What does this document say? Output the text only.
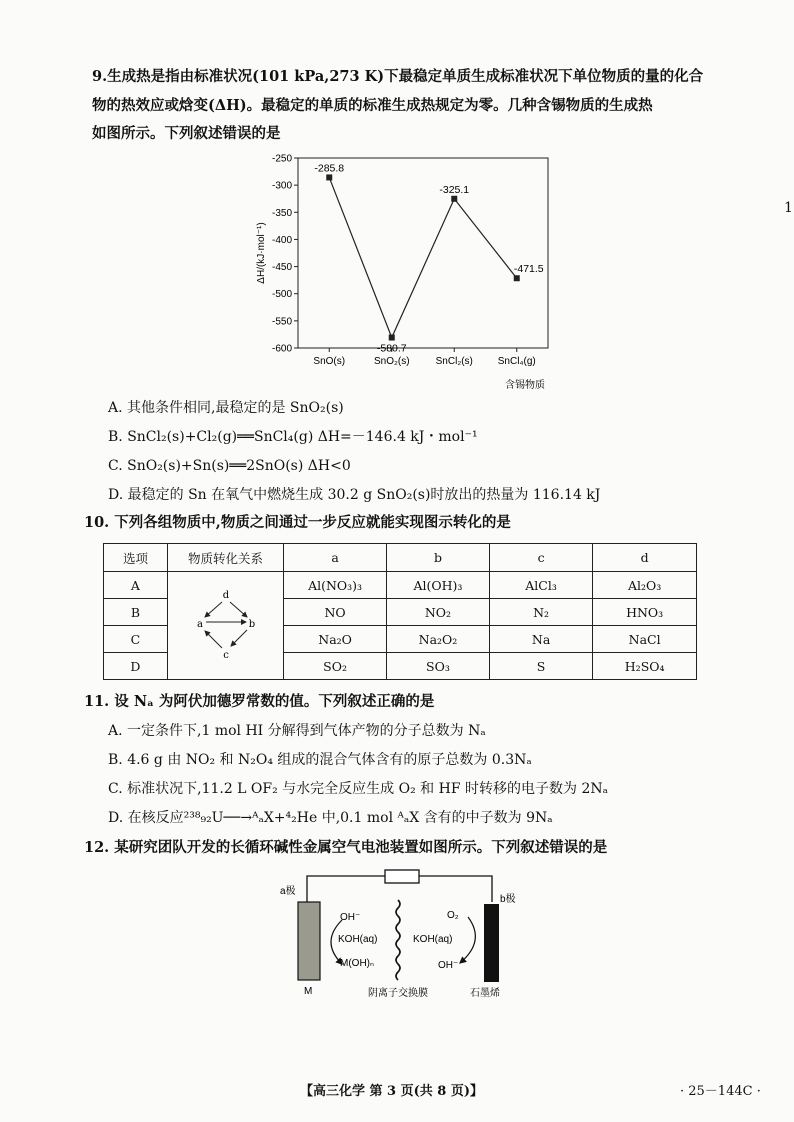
9.生成热是指由标准状况(101 kPa,273 K)下最稳定单质生成标准状况下单位物质的量的化合
物的热效应或焓变(ΔH)。最稳定的单质的标准生成热规定为零。几种含锡物质的生成热
如图所示。下列叙述错误的是
-250
-300
-350
-400
-450
-500
-550
-600
SnO(s)	SnO₂(s)	SnCl₂(s) SnCl₄(g)
-285.8
-580.7
-325.1
-471.5
ΔH/(kJ·mol⁻¹)
含锡物质
A. 其他条件相同,最稳定的是 SnO₂(s)
B. SnCl₂(s)+Cl₂(g)══SnCl₄(g) ΔH=－146.4 kJ・mol⁻¹
C. SnO₂(s)+Sn(s)══2SnO(s) ΔH<0
D. 最稳定的 Sn 在氧气中燃烧生成 30.2 g SnO₂(s)时放出的热量为 116.14 kJ
10. 下列各组物质中,物质之间通过一步反应就能实现图示转化的是
选项	物质转化关系	a	b	c	d
A	d
a b
c	Al(NO₃)₃	Al(OH)₃	AlCl₃	Al₂O₃
B		NO	NO₂	N₂	HNO₃
C		Na₂O	Na₂O₂	Na	NaCl
D		SO₂	SO₃	S	H₂SO₄
11. 设 Nₐ 为阿伏加德罗常数的值。下列叙述正确的是
A. 一定条件下,1 mol HI 分解得到气体产物的分子总数为 Nₐ
B. 4.6 g 由 NO₂ 和 N₂O₄ 组成的混合气体含有的原子总数为 0.3Nₐ
C. 标准状况下,11.2 L OF₂ 与水完全反应生成 O₂ 和 HF 时转移的电子数为 2Nₐ
D. 在核反应²³⁸₉₂U──→ᴬₐX+⁴₂He 中,0.1 mol ᴬₐX 含有的中子数为 9Nₐ
12. 某研究团队开发的长循环碱性金属空气电池装置如图所示。下列叙述错误的是
a极
b极
OH⁻
KOH(aq)
M(OH)ₙ
O₂
KOH(aq)
OH⁻
M	阴离子交换膜	石墨烯
【高三化学 第 3 页(共 8 页)】	· 25－144C ·
1
